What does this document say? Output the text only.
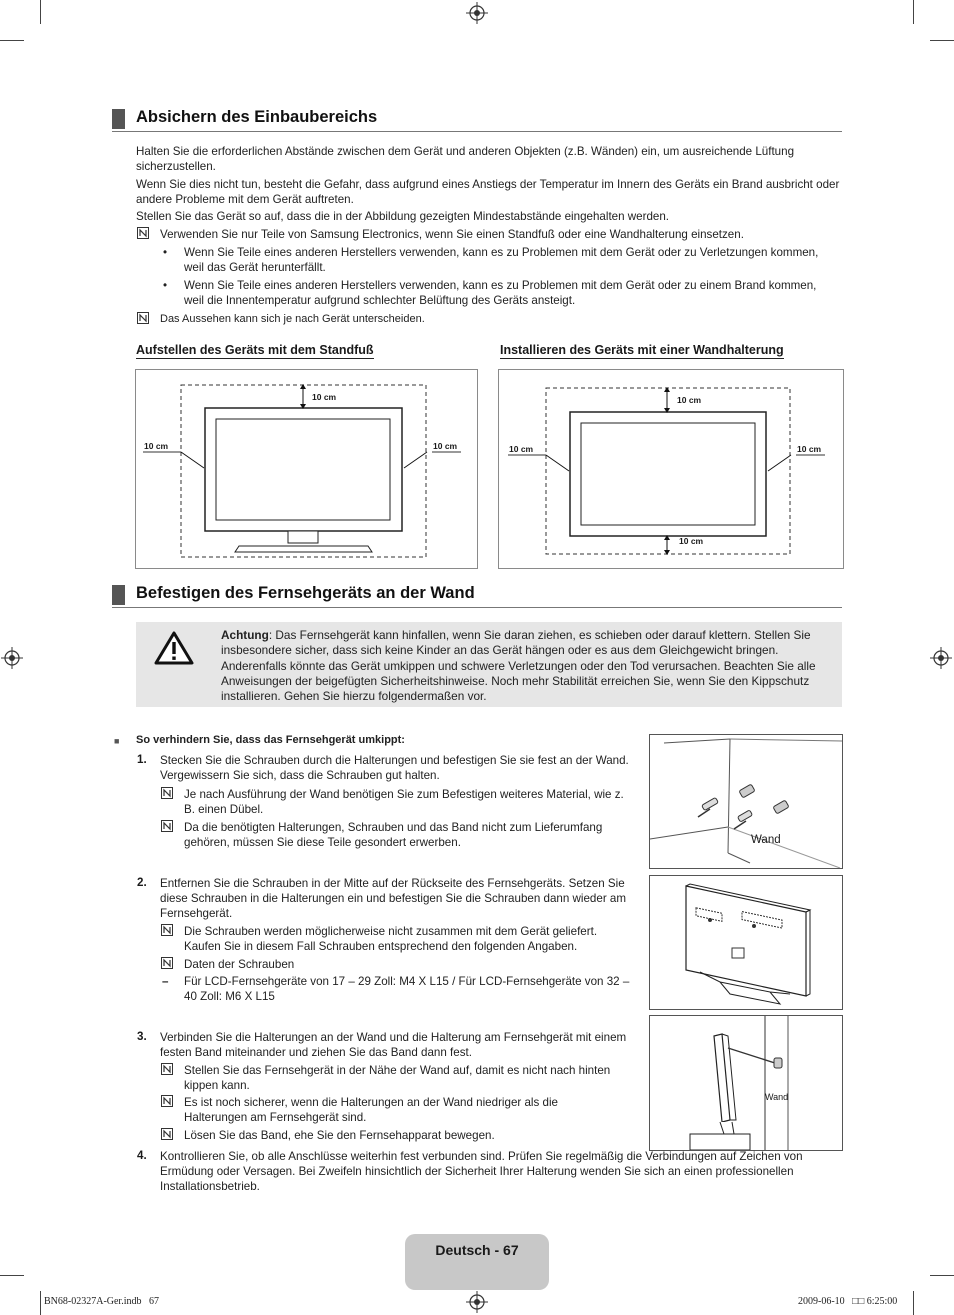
Absichern des Einbaubereichs
Halten Sie die erforderlichen Abstände zwischen dem Gerät und anderen Objekten (z.B. Wänden) ein, um ausreichende Lüftung sicherzustellen.
Wenn Sie dies nicht tun, besteht die Gefahr, dass aufgrund eines Anstiegs der Temperatur im Innern des Geräts ein Brand ausbricht oder andere Probleme mit dem Gerät auftreten.
Stellen Sie das Gerät so auf, dass die in der Abbildung gezeigten Mindestabstände eingehalten werden.
Verwenden Sie nur Teile von Samsung Electronics, wenn Sie einen Standfuß oder eine Wandhalterung einsetzen.
• Wenn Sie Teile eines anderen Herstellers verwenden, kann es zu Problemen mit dem Gerät oder zu Verletzungen kommen, weil das Gerät herunterfällt.
• Wenn Sie Teile eines anderen Herstellers verwenden, kann es zu Problemen mit dem Gerät oder zu einem Brand kommen, weil die Innentemperatur aufgrund schlechter Belüftung des Geräts ansteigt.
Das Aussehen kann sich je nach Gerät unterscheiden.
Aufstellen des Geräts mit dem Standfuß	Installieren des Geräts mit einer Wandhalterung
10 cm
10 cm	10 cm
10 cm
10 cm
10 cm	10 cm
Befestigen des Fernsehgeräts an der Wand
Achtung: Das Fernsehgerät kann hinfallen, wenn Sie daran ziehen, es schieben oder darauf klettern. Stellen Sie insbesondere sicher, dass sich keine Kinder an das Gerät hängen oder es aus dem Gleichgewicht bringen. Anderenfalls könnte das Gerät umkippen und schwere Verletzungen oder den Tod verursachen. Beachten Sie alle Anweisungen der beigefügten Sicherheitshinweise. Noch mehr Stabilität erreichen Sie, wenn Sie den Kippschutz installieren. Gehen Sie hierzu folgendermaßen vor.
■ So verhindern Sie, dass das Fernsehgerät umkippt:
1. Stecken Sie die Schrauben durch die Halterungen und befestigen Sie sie fest an der Wand. Vergewissern Sie sich, dass die Schrauben gut halten.
Je nach Ausführung der Wand benötigen Sie zum Befestigen weiteres Material, wie z. B. einen Dübel.
Da die benötigten Halterungen, Schrauben und das Band nicht zum Lieferumfang gehören, müssen Sie diese Teile gesondert erwerben.	Wand
2. Entfernen Sie die Schrauben in der Mitte auf der Rückseite des Fernsehgeräts. Setzen Sie diese Schrauben in die Halterungen ein und befestigen Sie die Schrauben dann wieder am Fernsehgerät.
Die Schrauben werden möglicherweise nicht zusammen mit dem Gerät geliefert. Kaufen Sie in diesem Fall Schrauben entsprechend den folgenden Angaben.
Daten der Schrauben
– Für LCD-Fernsehgeräte von 17 – 29 Zoll: M4 X L15 / Für LCD-Fernsehgeräte von 32 – 40 Zoll: M6 X L15
3. Verbinden Sie die Halterungen an der Wand und die Halterung am Fernsehgerät mit einem festen Band miteinander und ziehen Sie das Band dann fest.
Stellen Sie das Fernsehgerät in der Nähe der Wand auf, damit es nicht nach hinten kippen kann.
Es ist noch sicherer, wenn die Halterungen an der Wand niedriger als die Halterungen am Fernsehgerät sind.
Lösen Sie das Band, ehe Sie den Fernsehapparat bewegen.
Wand
4. Kontrollieren Sie, ob alle Anschlüsse weiterhin fest verbunden sind. Prüfen Sie regelmäßig die Verbindungen auf Zeichen von Ermüdung oder Versagen. Bei Zweifeln hinsichtlich der Sicherheit Ihrer Halterung wenden Sie sich an einen professionellen Installationsbetrieb.
Deutsch - 67
BN68-02327A-Ger.indb   67	2009-06-10   □□ 6:25:00
